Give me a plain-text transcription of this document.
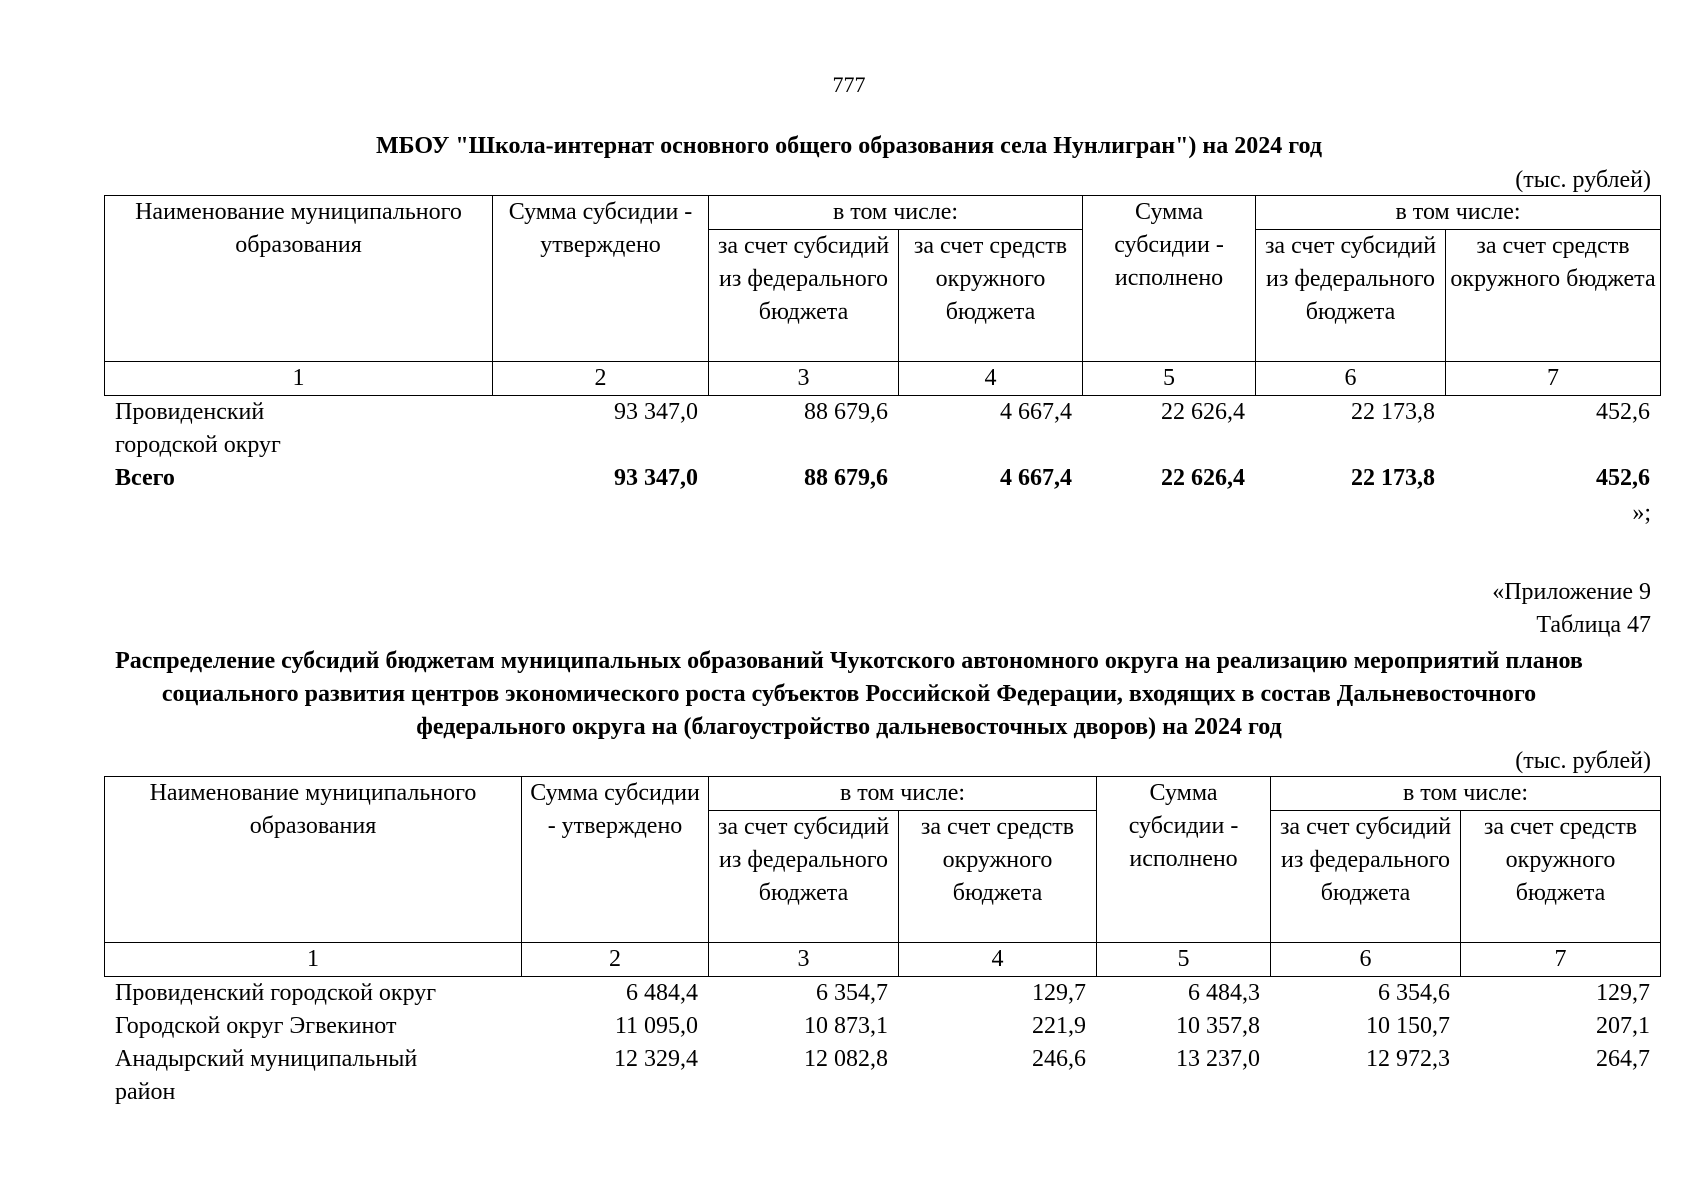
777
МБОУ "Школа-интернат основного общего образования села Нунлигран") на 2024 год
(тыс. рублей)
Наименование муниципального образования	Сумма субсидии - утверждено	в том числе:		Сумма субсидии - исполнено	в том числе:	
		за счет субсидий из федерального бюджета	за счет средств окружного бюджета		за счет субсидий из федерального бюджета	за счет средств окружного бюджета
1	2	3	4	5	6	7
Провиденский городской округ	93 347,0	88 679,6	4 667,4	22 626,4	22 173,8	452,6
Всего	93 347,0	88 679,6	4 667,4	22 626,4	22 173,8	452,6
»;
«Приложение 9
Таблица 47
Распределение субсидий бюджетам муниципальных образований Чукотского автономного округа на реализацию мероприятий планов социального развития центров экономического роста субъектов Российской Федерации, входящих в состав Дальневосточного федерального округа на (благоустройство дальневосточных дворов) на 2024 год
(тыс. рублей)
Наименование муниципального образования	Сумма субсидии - утверждено	в том числе:		Сумма субсидии - исполнено	в том числе:	
		за счет субсидий из федерального бюджета	за счет средств окружного бюджета		за счет субсидий из федерального бюджета	за счет средств окружного бюджета
1	2	3	4	5	6	7
Провиденский городской округ	6 484,4	6 354,7	129,7	6 484,3	6 354,6	129,7
Городской округ Эгвекинот	11 095,0	10 873,1	221,9	10 357,8	10 150,7	207,1
Анадырский муниципальный район	12 329,4	12 082,8	246,6	13 237,0	12 972,3	264,7
